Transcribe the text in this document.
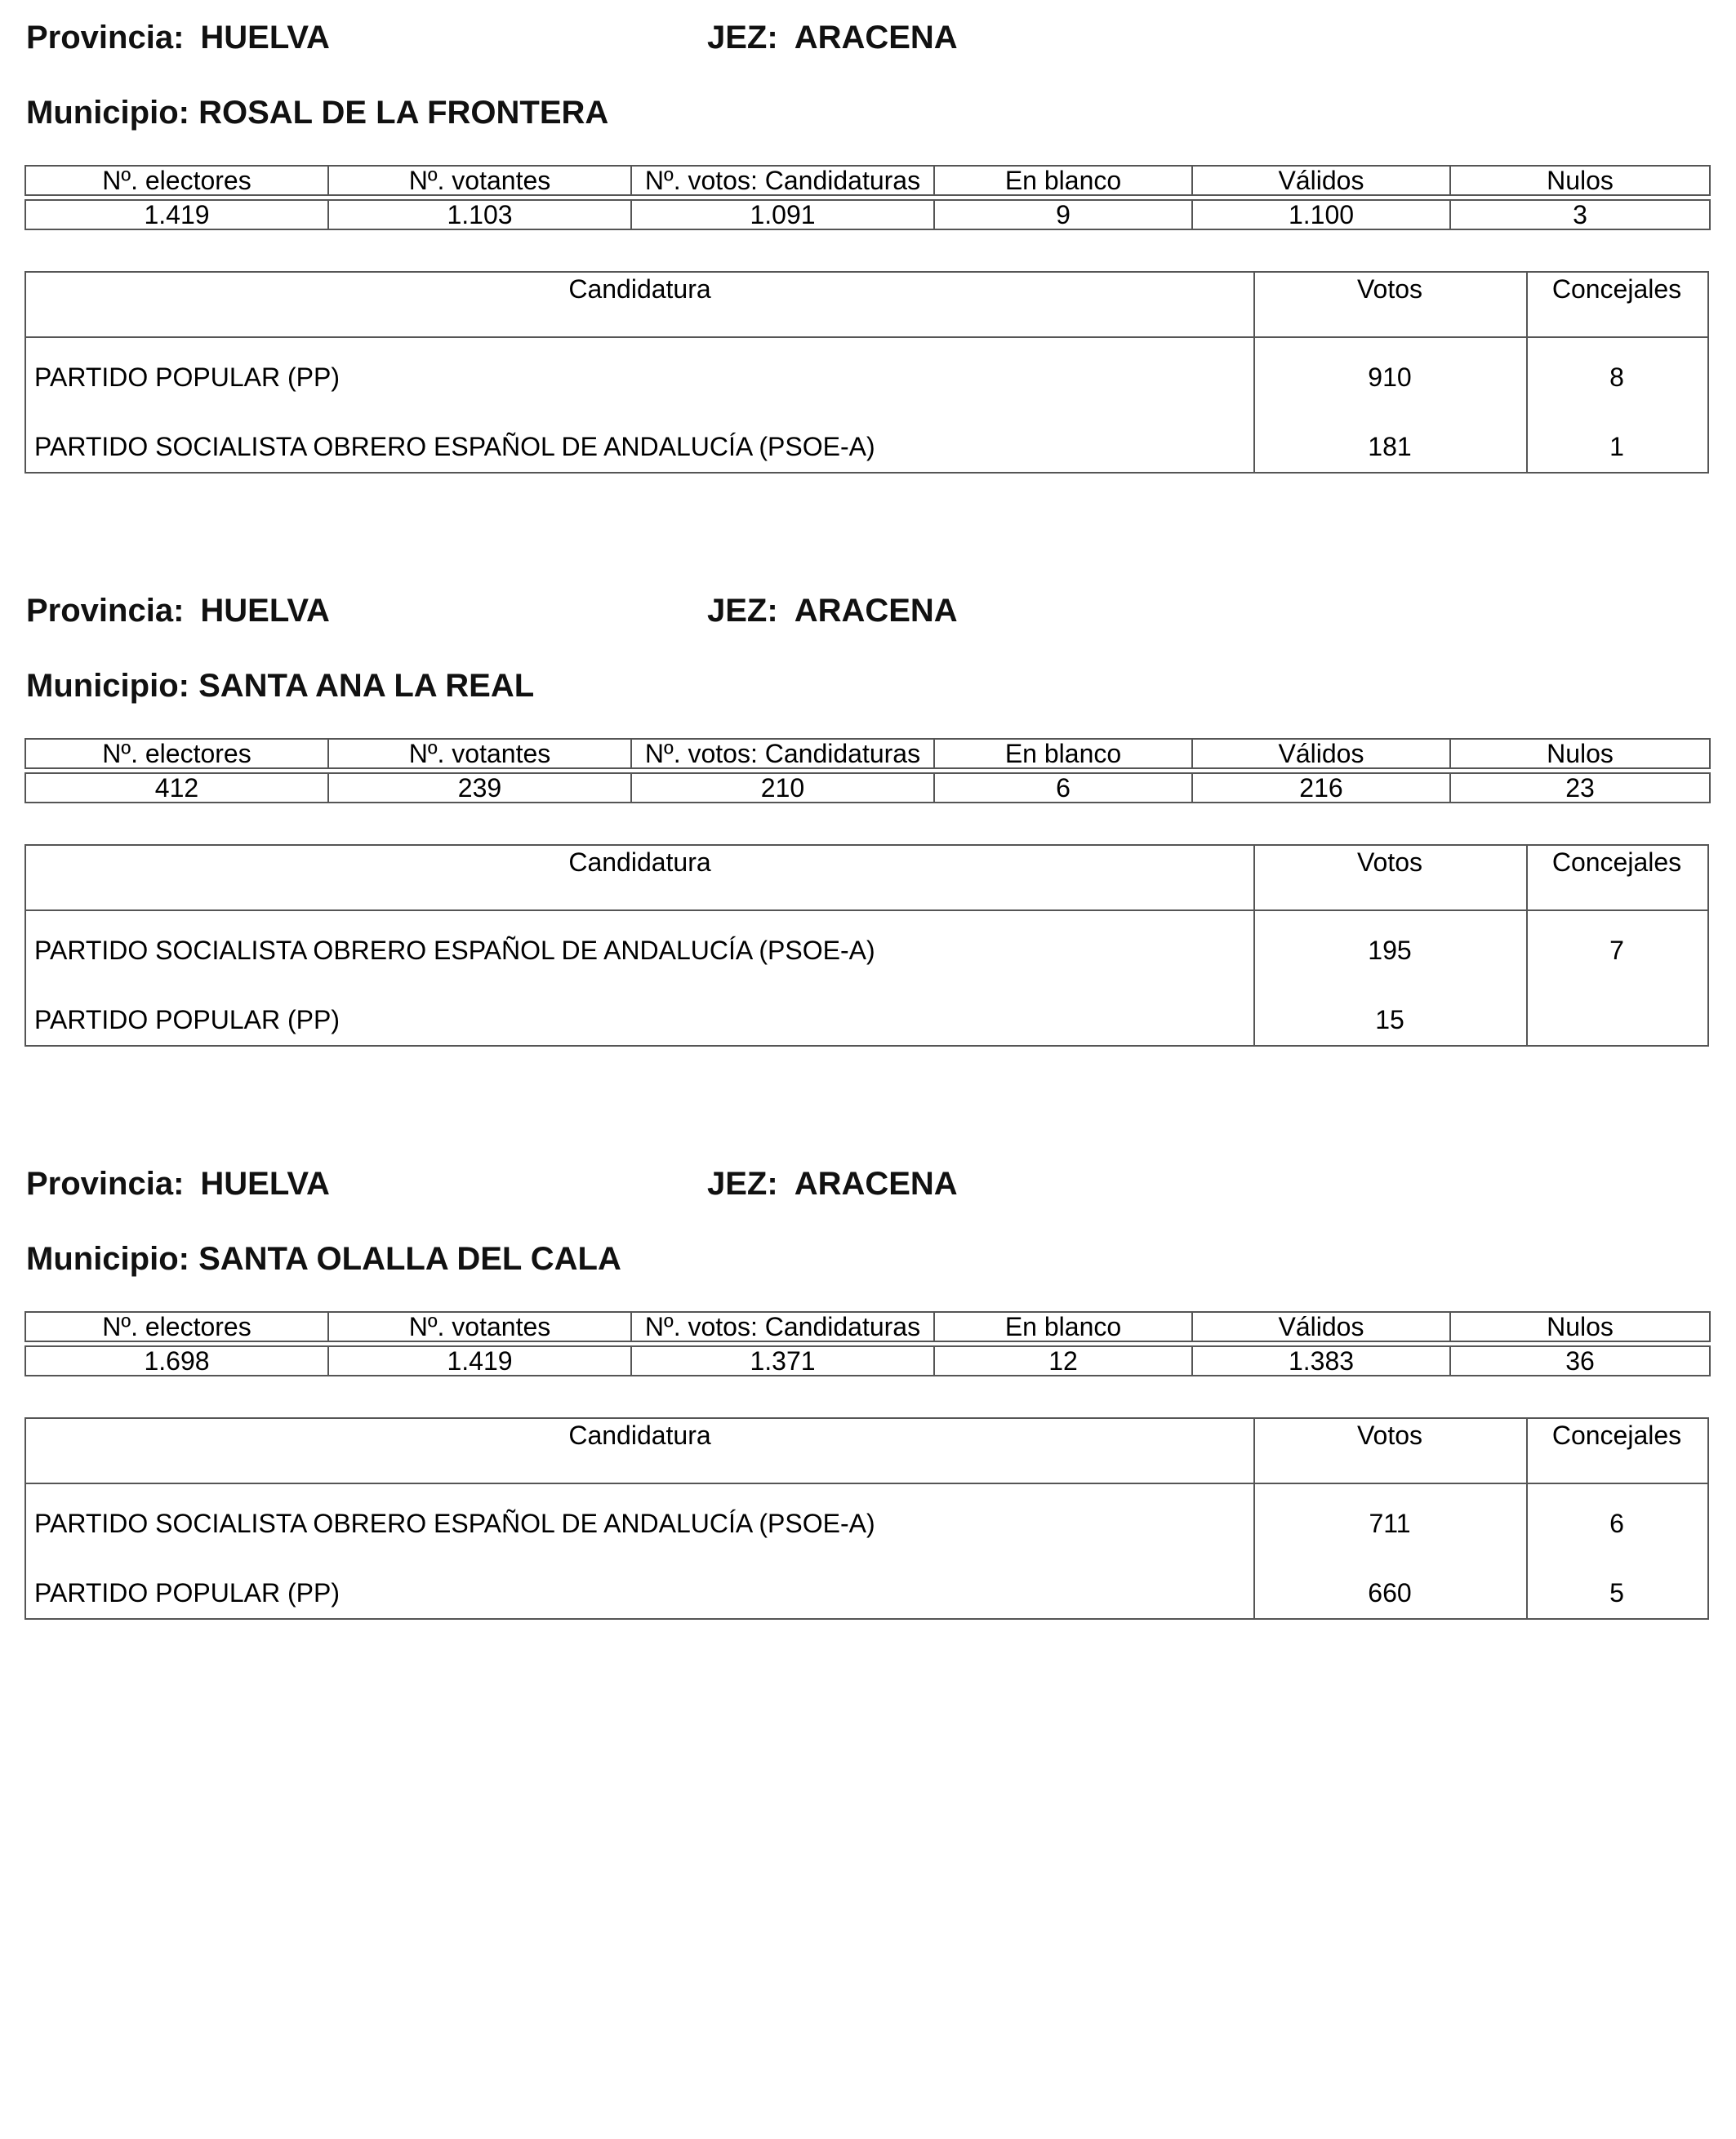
Provincia: HUELVA	JEZ: ARACENA
Municipio: ROSAL DE LA FRONTERA
Nº. electores	Nº. votantes	Nº. votos: Candidaturas	En blanco	Válidos	Nulos

1.419	1.103	1.091	9	1.100	3
Candidatura	Votos	Concejales
PARTIDO POPULAR (PP)	910	8
PARTIDO SOCIALISTA OBRERO ESPAÑOL DE ANDALUCÍA (PSOE-A)	181	1
Provincia: HUELVA	JEZ: ARACENA
Municipio: SANTA ANA LA REAL
Nº. electores	Nº. votantes	Nº. votos: Candidaturas	En blanco	Válidos	Nulos

412	239	210	6	216	23
Candidatura	Votos	Concejales
PARTIDO SOCIALISTA OBRERO ESPAÑOL DE ANDALUCÍA (PSOE-A)	195	7
PARTIDO POPULAR (PP)	15
Provincia: HUELVA	JEZ: ARACENA
Municipio: SANTA OLALLA DEL CALA
Nº. electores	Nº. votantes	Nº. votos: Candidaturas	En blanco	Válidos	Nulos

1.698	1.419	1.371	12	1.383	36
Candidatura	Votos	Concejales
PARTIDO SOCIALISTA OBRERO ESPAÑOL DE ANDALUCÍA (PSOE-A)	711	6
PARTIDO POPULAR (PP)	660	5
